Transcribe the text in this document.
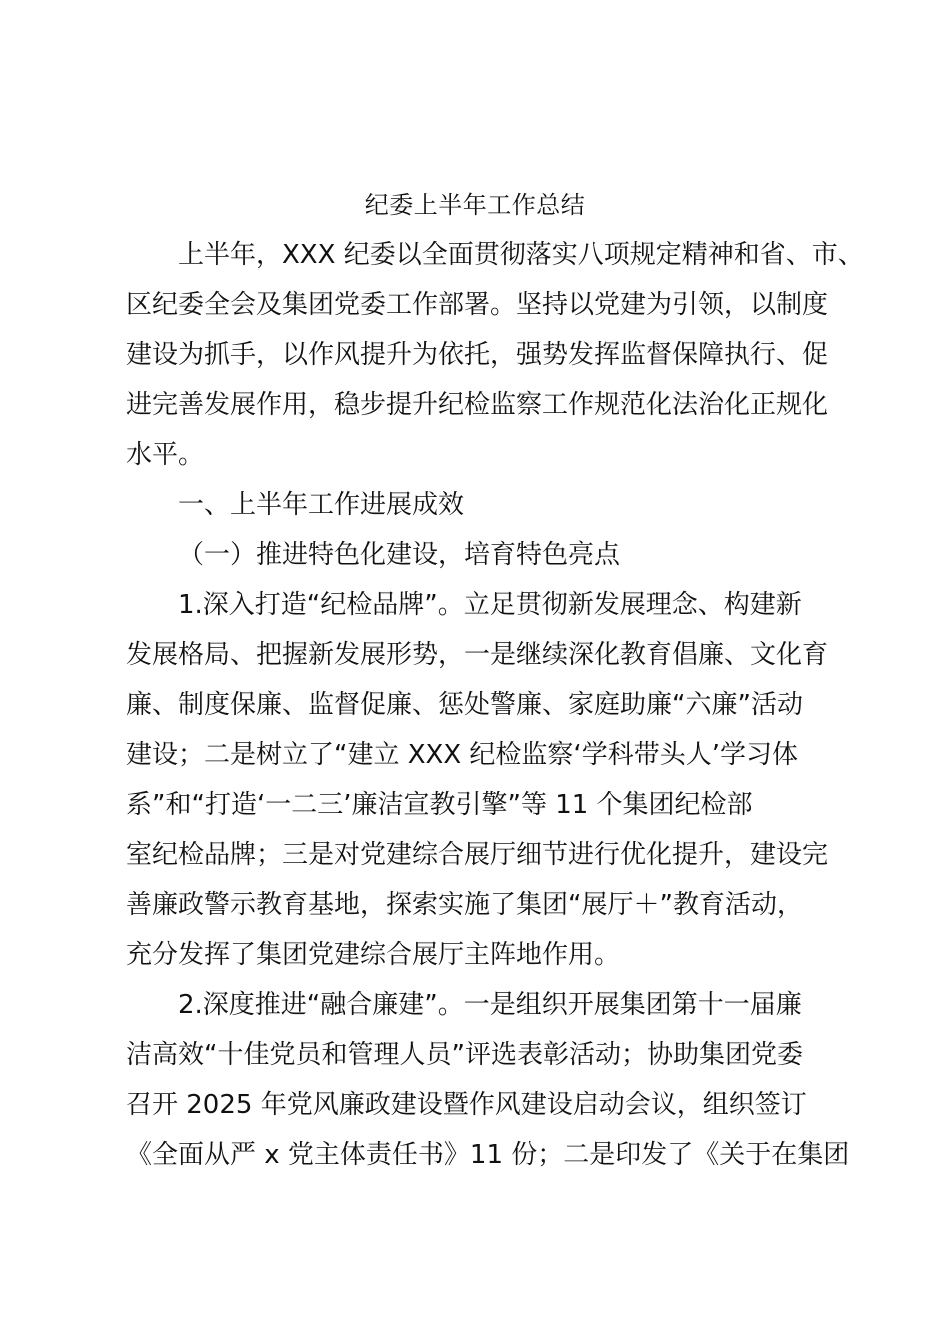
纪委上半年工作总结
上半年，XXX 纪委以全面贯彻落实八项规定精神和省、市、
区纪委全会及集团党委工作部署。坚持以党建为引领，以制度
建设为抓手，以作风提升为依托，强势发挥监督保障执行、促
进完善发展作用，稳步提升纪检监察工作规范化法治化正规化
水平。
一、上半年工作进展成效
（一）推进特色化建设，培育特色亮点
1.深入打造“纪检品牌”。立足贯彻新发展理念、构建新
发展格局、把握新发展形势，一是继续深化教育倡廉、文化育
廉、制度保廉、监督促廉、惩处警廉、家庭助廉“六廉”活动
建设；二是树立了“建立 XXX 纪检监察‘学科带头人’学习体
系”和“打造‘一二三’廉洁宣教引擎”等 11 个集团纪检部
室纪检品牌；三是对党建综合展厅细节进行优化提升，建设完
善廉政警示教育基地，探索实施了集团“展厅＋”教育活动，
充分发挥了集团党建综合展厅主阵地作用。
2.深度推进“融合廉建”。一是组织开展集团第十一届廉
洁高效“十佳党员和管理人员”评选表彰活动；协助集团党委
召开 2025 年党风廉政建设暨作风建设启动会议，组织签订
《全面从严 x 党主体责任书》11 份；二是印发了《关于在集团
